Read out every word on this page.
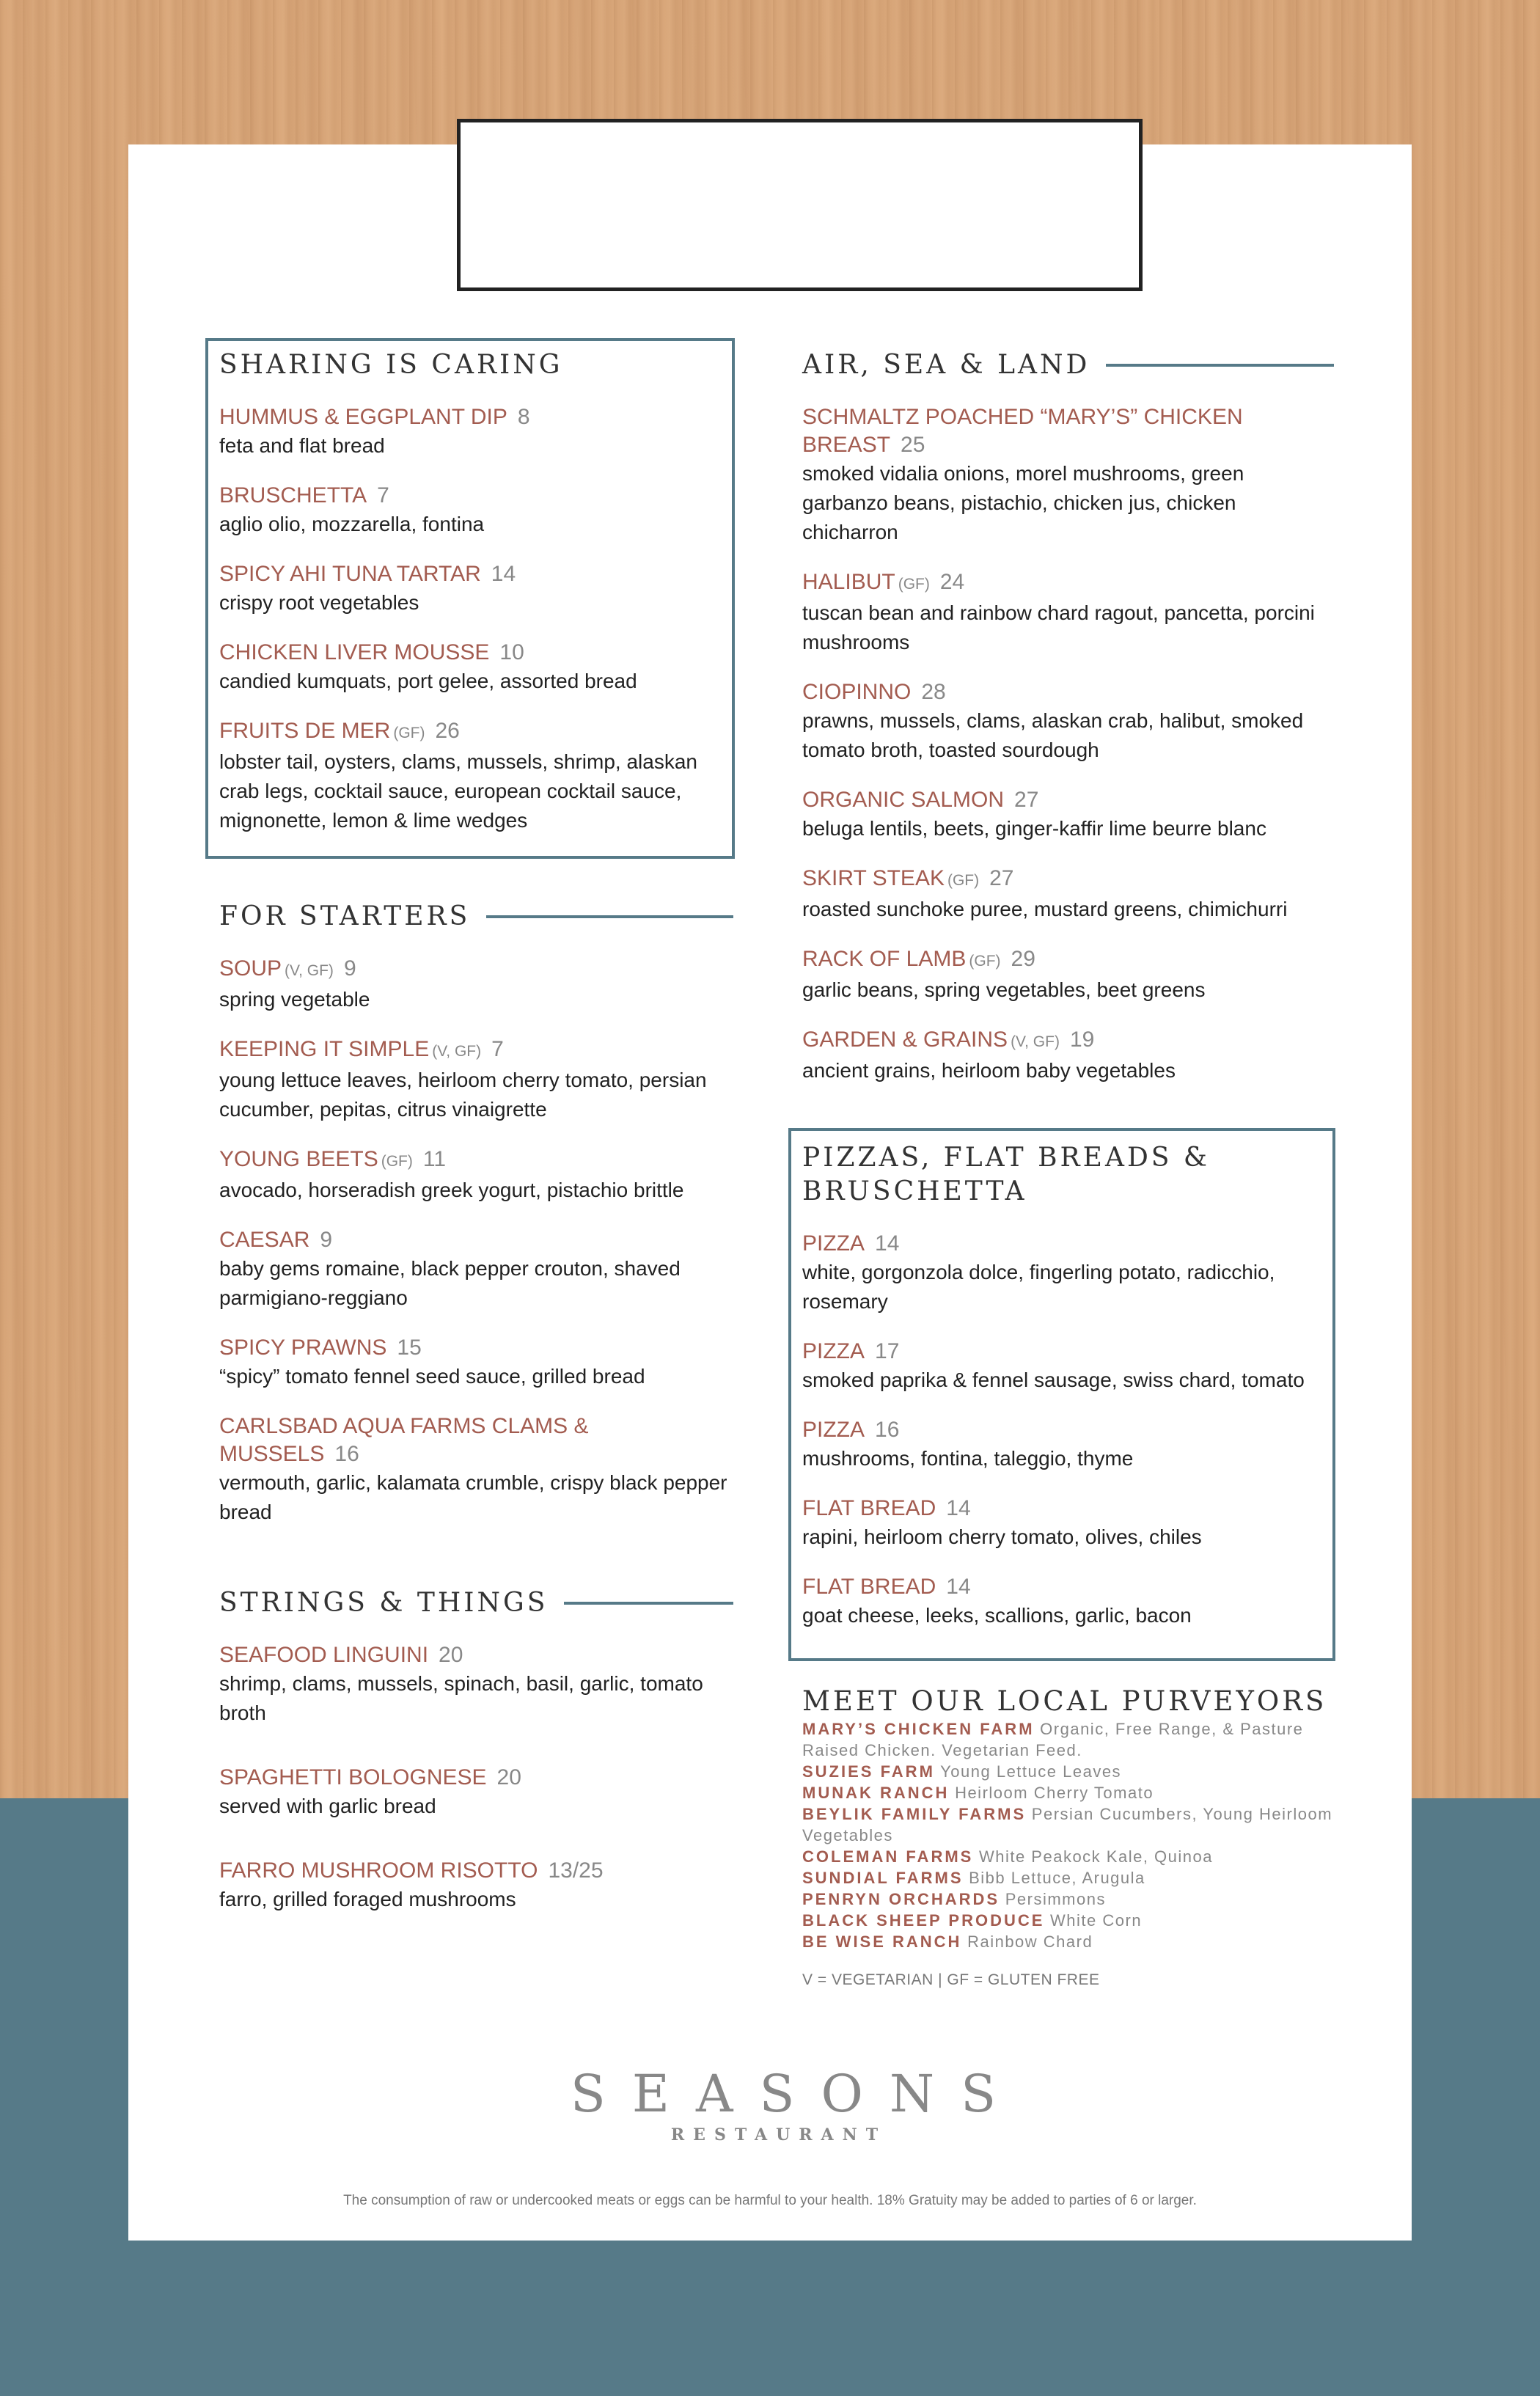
SHARING IS CARING
HUMMUS & EGGPLANT DIP 8
feta and flat bread
BRUSCHETTA 7
aglio olio, mozzarella, fontina
SPICY AHI TUNA TARTAR 14
crispy root vegetables
CHICKEN LIVER MOUSSE 10
candied kumquats, port gelee, assorted bread
FRUITS DE MER (GF) 26
lobster tail, oysters, clams, mussels, shrimp, alaskan crab legs, cocktail sauce, european cocktail sauce, mignonette, lemon & lime wedges
FOR STARTERS
SOUP (V, GF) 9
spring vegetable
KEEPING IT SIMPLE (V, GF) 7
young lettuce leaves, heirloom cherry tomato, persian cucumber, pepitas, citrus vinaigrette
YOUNG BEETS (GF) 11
avocado, horseradish greek yogurt, pistachio brittle
CAESAR 9
baby gems romaine, black pepper crouton, shaved parmigiano-reggiano
SPICY PRAWNS 15
“spicy” tomato fennel seed sauce, grilled bread
CARLSBAD AQUA FARMS CLAMS & MUSSELS 16
vermouth, garlic, kalamata crumble, crispy black pepper bread
STRINGS & THINGS
SEAFOOD LINGUINI 20
shrimp, clams, mussels, spinach, basil, garlic, tomato broth
SPAGHETTI BOLOGNESE 20
served with garlic bread
FARRO MUSHROOM RISOTTO 13/25
farro, grilled foraged mushrooms
AIR, SEA & LAND
SCHMALTZ POACHED “MARY’S” CHICKEN BREAST 25
smoked vidalia onions, morel mushrooms, green garbanzo beans, pistachio, chicken jus, chicken chicharron
HALIBUT (GF) 24
tuscan bean and rainbow chard ragout, pancetta, porcini mushrooms
CIOPINNO 28
prawns, mussels, clams, alaskan crab, halibut, smoked tomato broth, toasted sourdough
ORGANIC SALMON 27
beluga lentils, beets, ginger-kaffir lime beurre blanc
SKIRT STEAK (GF) 27
roasted sunchoke puree, mustard greens, chimichurri
RACK OF LAMB (GF) 29
garlic beans, spring vegetables, beet greens
GARDEN & GRAINS (V, GF) 19
ancient grains, heirloom baby vegetables
PIZZAS, FLAT BREADS & BRUSCHETTA
PIZZA 14
white, gorgonzola dolce, fingerling potato, radicchio, rosemary
PIZZA 17
smoked paprika & fennel sausage, swiss chard, tomato
PIZZA 16
mushrooms, fontina, taleggio, thyme
FLAT BREAD 14
rapini, heirloom cherry tomato, olives, chiles
FLAT BREAD 14
goat cheese, leeks, scallions, garlic, bacon
MEET OUR LOCAL PURVEYORS
MARY’S CHICKEN FARM Organic, Free Range, & Pasture Raised Chicken. Vegetarian Feed.
SUZIES FARM Young Lettuce Leaves
MUNAK RANCH Heirloom Cherry Tomato
BEYLIK FAMILY FARMS Persian Cucumbers, Young Heirloom Vegetables
COLEMAN FARMS White Peakock Kale, Quinoa
SUNDIAL FARMS Bibb Lettuce, Arugula
PENRYN ORCHARDS Persimmons
BLACK SHEEP PRODUCE White Corn
BE WISE RANCH Rainbow Chard
V = VEGETARIAN | GF = GLUTEN FREE
SEASONS
RESTAURANT
The consumption of raw or undercooked meats or eggs can be harmful to your health. 18% Gratuity may be added to parties of 6 or larger.
